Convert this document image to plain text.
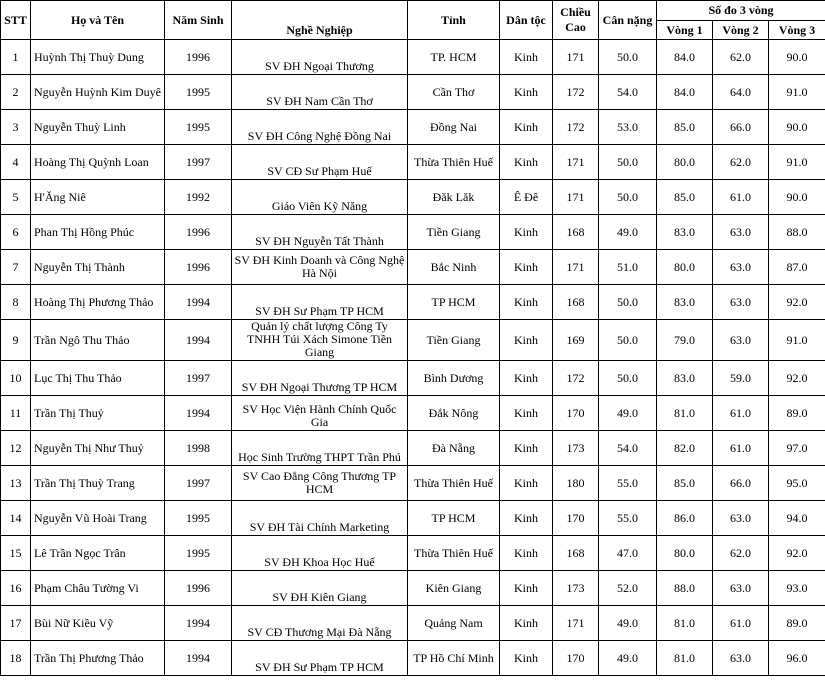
STT	Họ và Tên	Năm Sinh	Nghề Nghiệp	Tỉnh	Dân tộc	Chiều Cao	Cân nặng	Số đo 3 vòng		
								Vòng 1	Vòng 2	Vòng 3
1	Huỳnh Thị Thuỳ Dung	1996	SV ĐH Ngoại Thương	TP. HCM	Kinh	171	50.0	84.0	62.0	90.0
2	Nguyễn Huỳnh Kim Duyê	1995	SV ĐH Nam Cần Thơ	Cần Thơ	Kinh	172	54.0	84.0	64.0	91.0
3	Nguyễn Thuỳ Linh	1995	SV ĐH Công Nghệ Đồng Nai	Đồng Nai	Kinh	172	53.0	85.0	66.0	90.0
4	Hoàng Thị Quỳnh Loan	1997	SV CĐ Sư Phạm Huế	Thừa Thiên Huế	Kinh	171	50.0	80.0	62.0	91.0
5	H'Ăng Niê	1992	Giáo Viên Kỹ Năng	Đăk Lăk	Ê Đê	171	50.0	85.0	61.0	90.0
6	Phan Thị Hồng Phúc	1996	SV ĐH Nguyễn Tất Thành	Tiền Giang	Kinh	168	49.0	83.0	63.0	88.0
7	Nguyễn Thị Thành	1996	SV ĐH Kinh Doanh và Công Nghệ Hà Nội	Bắc Ninh	Kinh	171	51.0	80.0	63.0	87.0
8	Hoàng Thị Phương Thảo	1994	SV ĐH Sư Phạm TP HCM	TP HCM	Kinh	168	50.0	83.0	63.0	92.0
9	Trần Ngô Thu Thảo	1994	Quản lý chất lượng Công Ty TNHH Túi Xách Simone Tiền Giang	Tiền Giang	Kinh	169	50.0	79.0	63.0	91.0
10	Lục Thị Thu Thảo	1997	SV ĐH Ngoại Thương TP HCM	Bình Dương	Kinh	172	50.0	83.0	59.0	92.0
11	Trần Thị Thuỷ	1994	SV Học Viện Hành Chính Quốc Gia	Đắk Nông	Kinh	170	49.0	81.0	61.0	89.0
12	Nguyễn Thị Như Thuỷ	1998	Học Sinh Trường THPT Trần Phú	Đà Nẵng	Kinh	173	54.0	82.0	61.0	97.0
13	Trần Thị Thuỳ Trang	1997	SV Cao Đẳng Công Thương TP HCM	Thừa Thiên Huế	Kinh	180	55.0	85.0	66.0	95.0
14	Nguyễn Vũ Hoài Trang	1995	SV ĐH Tài Chính Marketing	TP HCM	Kinh	170	55.0	86.0	63.0	94.0
15	Lê Trần Ngọc Trân	1995	SV ĐH Khoa Học Huế	Thừa Thiên Huế	Kinh	168	47.0	80.0	62.0	92.0
16	Phạm Châu Tường Vi	1996	SV ĐH Kiên Giang	Kiên Giang	Kinh	173	52.0	88.0	63.0	93.0
17	Bùi Nữ Kiều Vỹ	1994	SV CĐ Thương Mại Đà Nẵng	Quảng Nam	Kinh	171	49.0	81.0	61.0	89.0
18	Trần Thị Phương Thảo	1994	SV ĐH Sư Phạm TP HCM	TP Hồ Chí Minh	Kinh	170	49.0	81.0	63.0	96.0
